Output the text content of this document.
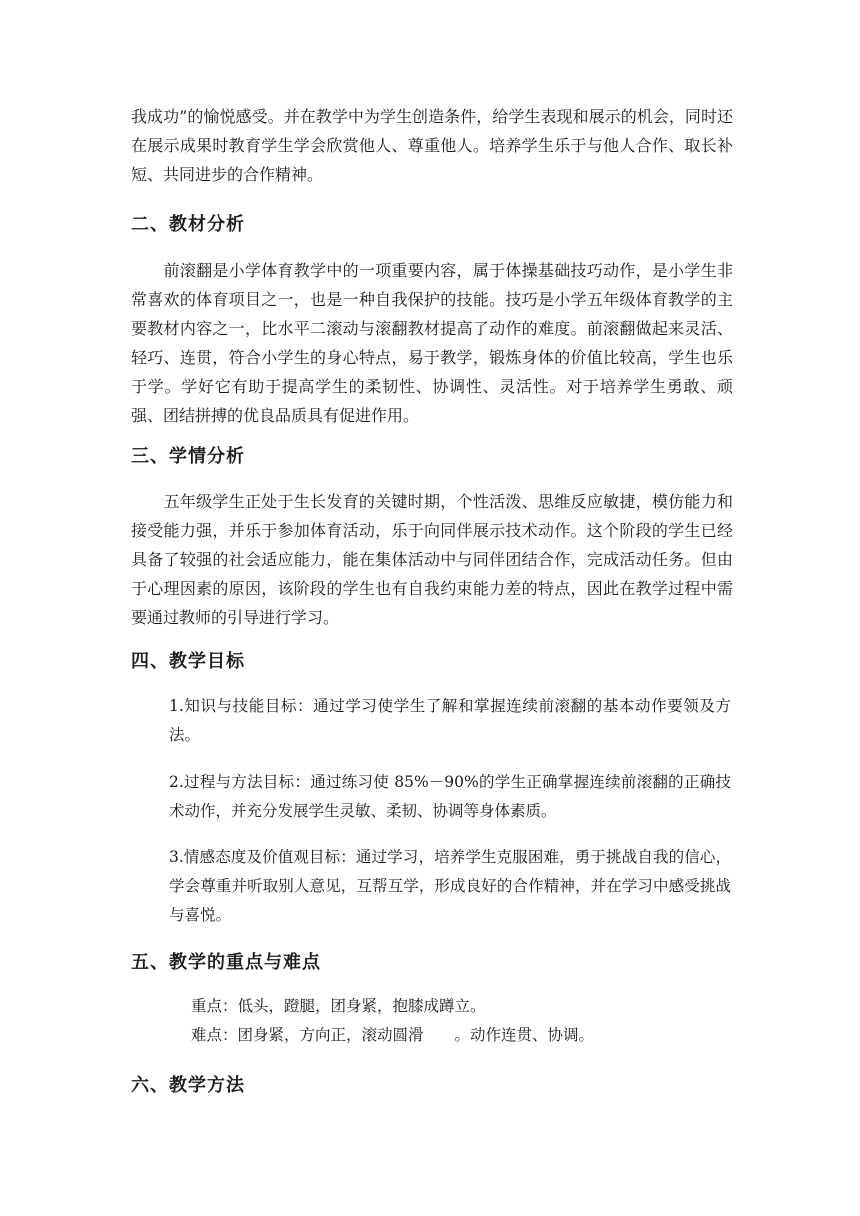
我成功”的愉悦感受。并在教学中为学生创造条件，给学生表现和展示的机会，同时还在展示成果时教育学生学会欣赏他人、尊重他人。培养学生乐于与他人合作、取长补短、共同进步的合作精神。

二、教材分析

　　前滚翻是小学体育教学中的一项重要内容，属于体操基础技巧动作，是小学生非常喜欢的体育项目之一，也是一种自我保护的技能。技巧是小学五年级体育教学的主要教材内容之一，比水平二滚动与滚翻教材提高了动作的难度。前滚翻做起来灵活、轻巧、连贯，符合小学生的身心特点，易于教学，锻炼身体的价值比较高，学生也乐于学。学好它有助于提高学生的柔韧性、协调性、灵活性。对于培养学生勇敢、顽强、团结拼搏的优良品质具有促进作用。

三、学情分析

　　五年级学生正处于生长发育的关键时期，个性活泼、思维反应敏捷，模仿能力和接受能力强，并乐于参加体育活动，乐于向同伴展示技术动作。这个阶段的学生已经具备了较强的社会适应能力，能在集体活动中与同伴团结合作，完成活动任务。但由于心理因素的原因，该阶段的学生也有自我约束能力差的特点，因此在教学过程中需要通过教师的引导进行学习。

四、教学目标

1.知识与技能目标：通过学习使学生了解和掌握连续前滚翻的基本动作要领及方法。

2.过程与方法目标：通过练习使 85%－90%的学生正确掌握连续前滚翻的正确技术动作，并充分发展学生灵敏、柔韧、协调等身体素质。

3.情感态度及价值观目标：通过学习，培养学生克服困难，勇于挑战自我的信心，学会尊重并听取别人意见，互帮互学，形成良好的合作精神，并在学习中感受挑战与喜悦。

五、教学的重点与难点

重点：低头，蹬腿，团身紧，抱膝成蹲立。

难点：团身紧，方向正，滚动圆滑　　。动作连贯、协调。

六、教学方法
